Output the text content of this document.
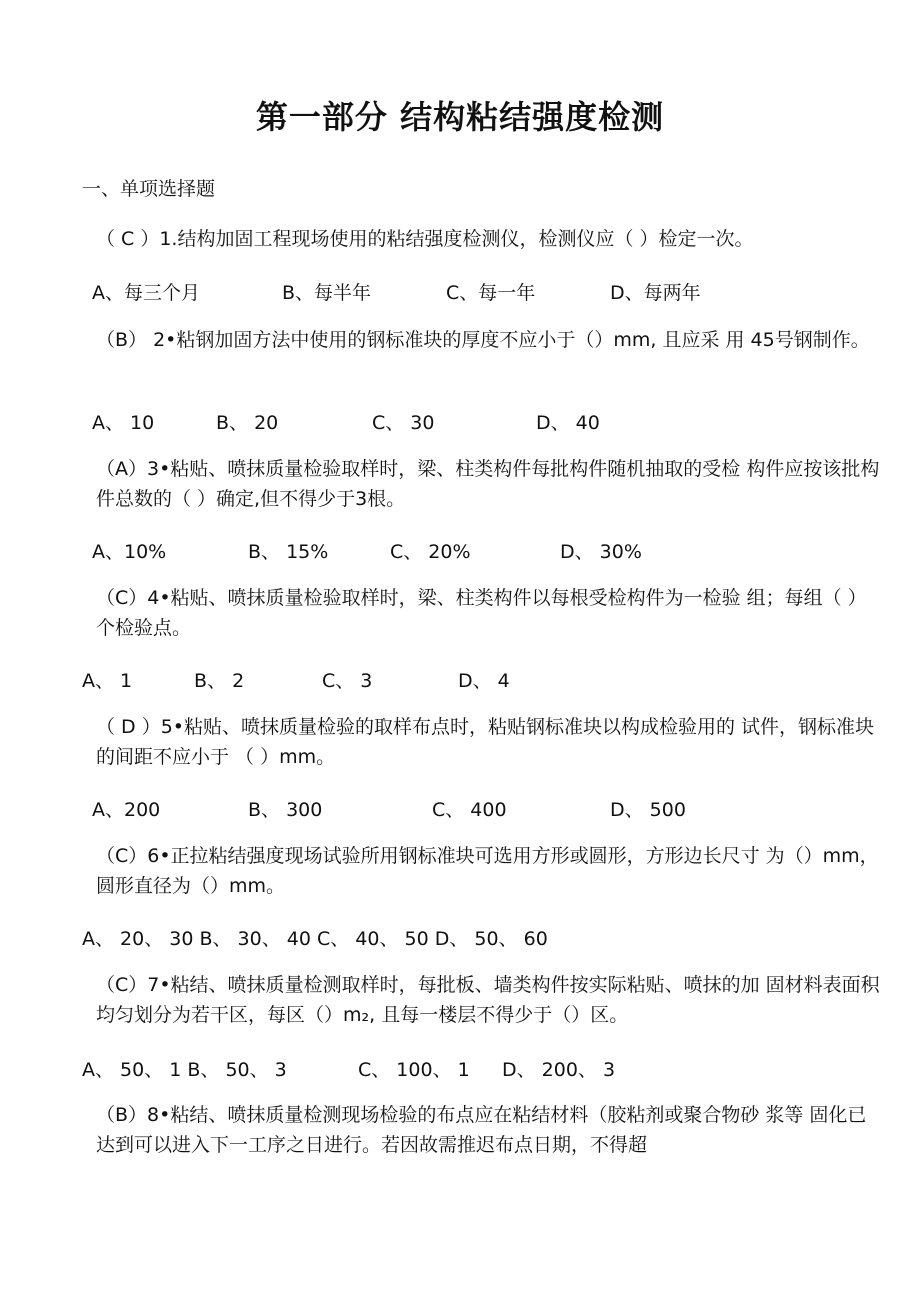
第一部分 结构粘结强度检测
一、单项选择题
（ C ）1.结构加固工程现场使用的粘结强度检测仪，检测仪应（ ）检定一次。
A、每三个月	B、每半年	C、每一年	D、每两年
（B） 2•粘钢加固方法中使用的钢标准块的厚度不应小于（）mm, 且应采 用 45号钢制作。
A、 10	B、 20	C、 30	D、 40
（A）3•粘贴、喷抹质量检验取样时，梁、柱类构件每批构件随机抽取的受检 构件应按该批构件总数的（ ）确定,但不得少于3根。
A、10%	B、 15%	C、 20%	D、 30%
（C）4•粘贴、喷抹质量检验取样时，梁、柱类构件以每根受检构件为一检验 组；每组（ ）个检验点。
A、 1	B、 2	C、 3	D、 4
（ D ）5•粘贴、喷抹质量检验的取样布点时，粘贴钢标准块以构成检验用的 试件，钢标准块的间距不应小于 （ ）mm。
A、200	B、 300	C、 400	D、 500
（C）6•正拉粘结强度现场试验所用钢标准块可选用方形或圆形，方形边长尺寸 为（）mm，圆形直径为（）mm。
A、 20、 30 B、 30、 40 C、 40、 50 D、 50、 60
（C）7•粘结、喷抹质量检测取样时，每批板、墙类构件按实际粘贴、喷抹的加 固材料表面积均匀划分为若干区，每区（）m₂, 且每一楼层不得少于（）区。
A、 50、 1 B、 50、 3	C、 100、 1 D、 200、 3
（B）8•粘结、喷抹质量检测现场检验的布点应在粘结材料（胶粘剂或聚合物砂 浆等 固化已达到可以进入下一工序之日进行。若因故需推迟布点日期，不得超
